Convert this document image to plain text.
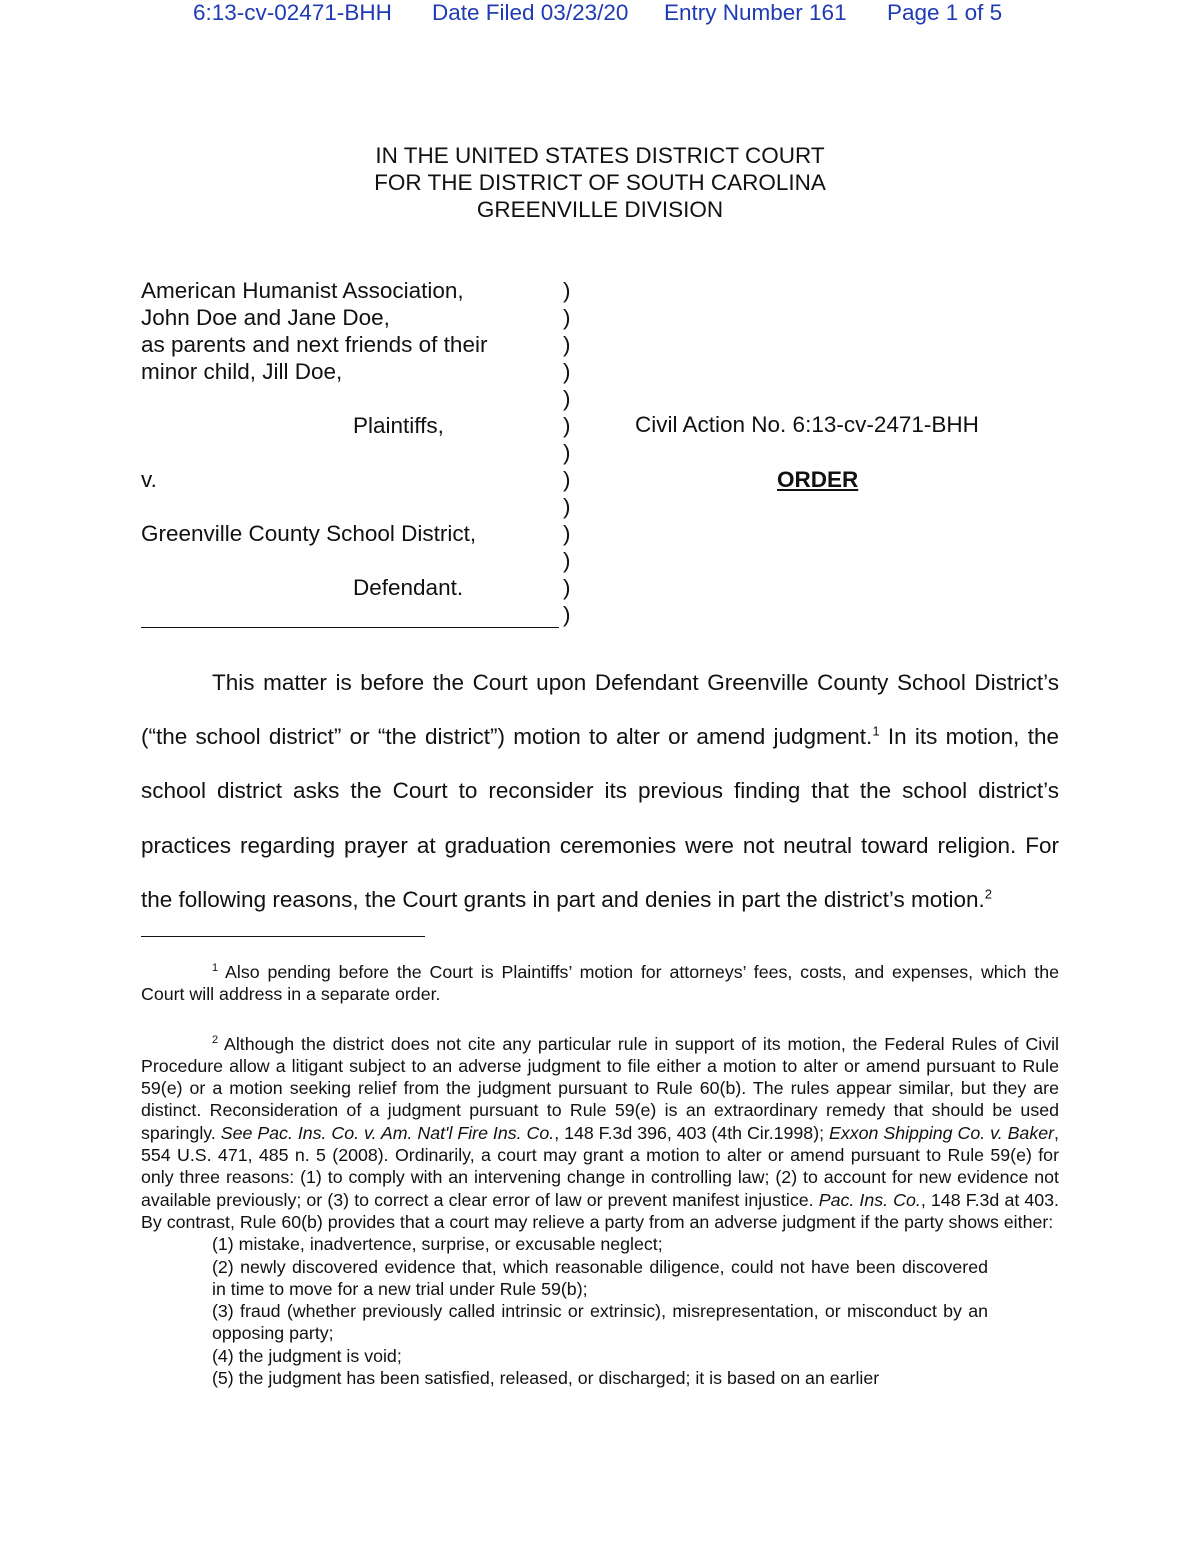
6:13-cv-02471-BHH Date Filed 03/23/20 Entry Number 161 Page 1 of 5
IN THE UNITED STATES DISTRICT COURT
FOR THE DISTRICT OF SOUTH CAROLINA
GREENVILLE DIVISION
American Humanist Association,
John Doe and Jane Doe,
as parents and next friends of their
minor child, Jill Doe,
Plaintiffs,
v.
Greenville County School District,
Defendant.
)
)
)
)
)
)
)
)
)
)
)
)
)
Civil Action No. 6:13-cv-2471-BHH
ORDER
This matter is before the Court upon Defendant Greenville County School District’s (“the school district” or “the district”) motion to alter or amend judgment.$^1$ In its motion, the school district asks the Court to reconsider its previous finding that the school district’s practices regarding prayer at graduation ceremonies were not neutral toward religion. For the following reasons, the Court grants in part and denies in part the district’s motion.$^2$

$^1$ Also pending before the Court is Plaintiffs’ motion for attorneys’ fees, costs, and expenses, which the Court will address in a separate order.

$^2$ Although the district does not cite any particular rule in support of its motion, the Federal Rules of Civil Procedure allow a litigant subject to an adverse judgment to file either a motion to alter or amend pursuant to Rule 59(e) or a motion seeking relief from the judgment pursuant to Rule 60(b). The rules appear similar, but they are distinct. Reconsideration of a judgment pursuant to Rule 59(e) is an extraordinary remedy that should be used sparingly. See Pac. Ins. Co. v. Am. Nat'l Fire Ins. Co., 148 F.3d 396, 403 (4th Cir.1998); Exxon Shipping Co. v. Baker, 554 U.S. 471, 485 n. 5 (2008). Ordinarily, a court may grant a motion to alter or amend pursuant to Rule 59(e) for only three reasons: (1) to comply with an intervening change in controlling law; (2) to account for new evidence not available previously; or (3) to correct a clear error of law or prevent manifest injustice. Pac. Ins. Co., 148 F.3d at 403. By contrast, Rule 60(b) provides that a court may relieve a party from an adverse judgment if the party shows either:

(1) mistake, inadvertence, surprise, or excusable neglect;
(2) newly discovered evidence that, which reasonable diligence, could not have been discovered in time to move for a new trial under Rule 59(b);
(3) fraud (whether previously called intrinsic or extrinsic), misrepresentation, or misconduct by an opposing party;
(4) the judgment is void;
(5) the judgment has been satisfied, released, or discharged; it is based on an earlier
